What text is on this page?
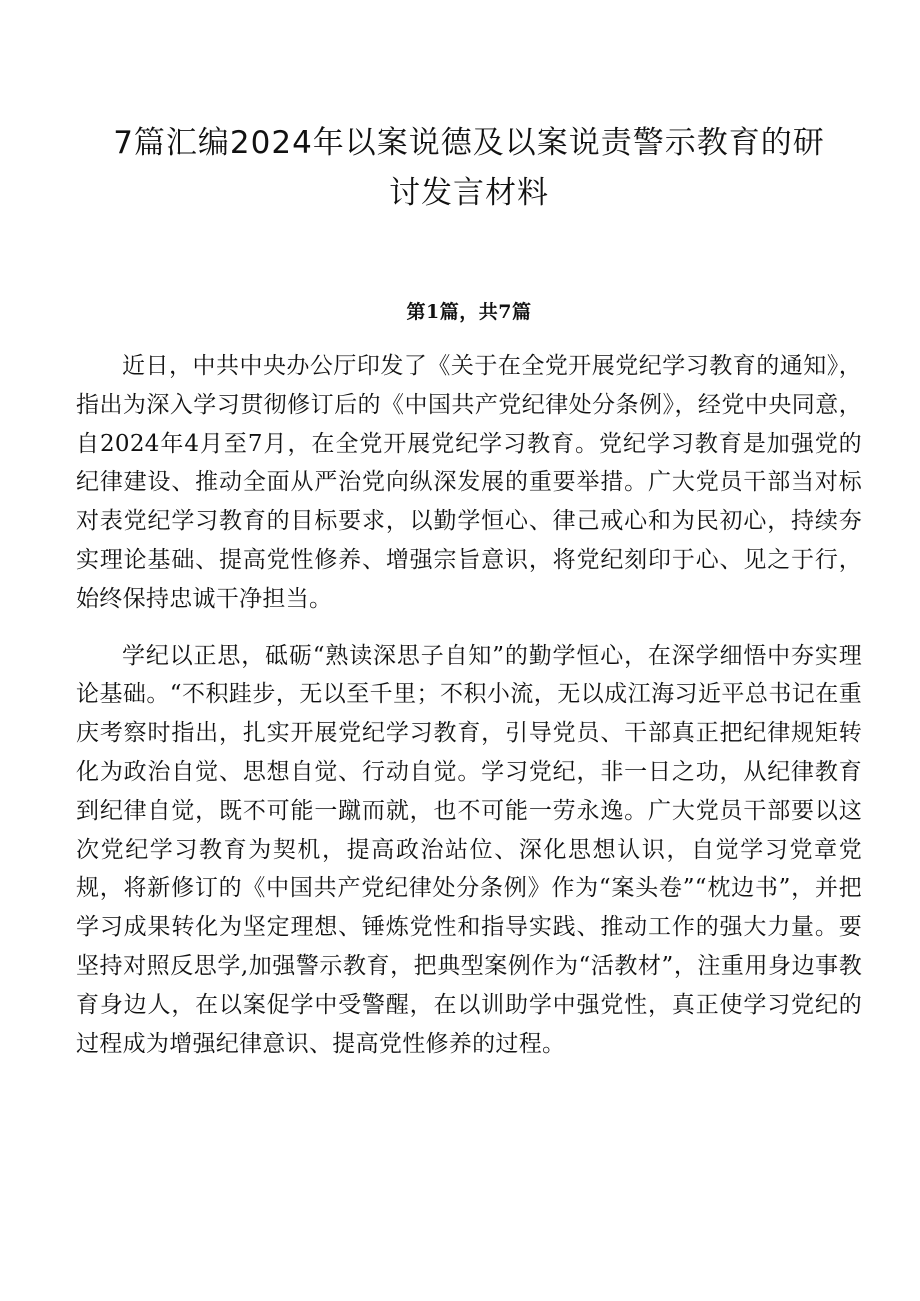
7篇汇编2024年以案说德及以案说责警示教育的研
讨发言材料
第1篇，共7篇

近日，中共中央办公厅印发了《关于在全党开展党纪学习教育的通知》，指出为深入学习贯彻修订后的《中国共产党纪律处分条例》，经党中央同意，自2024年4月至7月，在全党开展党纪学习教育。党纪学习教育是加强党的纪律建设、推动全面从严治党向纵深发展的重要举措。广大党员干部当对标对表党纪学习教育的目标要求，以勤学恒心、律己戒心和为民初心，持续夯实理论基础、提高党性修养、增强宗旨意识，将党纪刻印于心、见之于行，始终保持忠诚干净担当。

学纪以正思，砥砺“熟读深思子自知”的勤学恒心，在深学细悟中夯实理论基础。“不积跬步，无以至千里；不积小流，无以成江海习近平总书记在重庆考察时指出，扎实开展党纪学习教育，引导党员、干部真正把纪律规矩转化为政治自觉、思想自觉、行动自觉。学习党纪，非一日之功，从纪律教育到纪律自觉，既不可能一蹴而就，也不可能一劳永逸。广大党员干部要以这次党纪学习教育为契机，提高政治站位、深化思想认识，自觉学习党章党规，将新修订的《中国共产党纪律处分条例》作为“案头卷”“枕边书”，并把学习成果转化为坚定理想、锤炼党性和指导实践、推动工作的强大力量。要坚持对照反思学,加强警示教育，把典型案例作为“活教材”，注重用身边事教育身边人，在以案促学中受警醒，在以训助学中强党性，真正使学习党纪的过程成为增强纪律意识、提高党性修养的过程。
